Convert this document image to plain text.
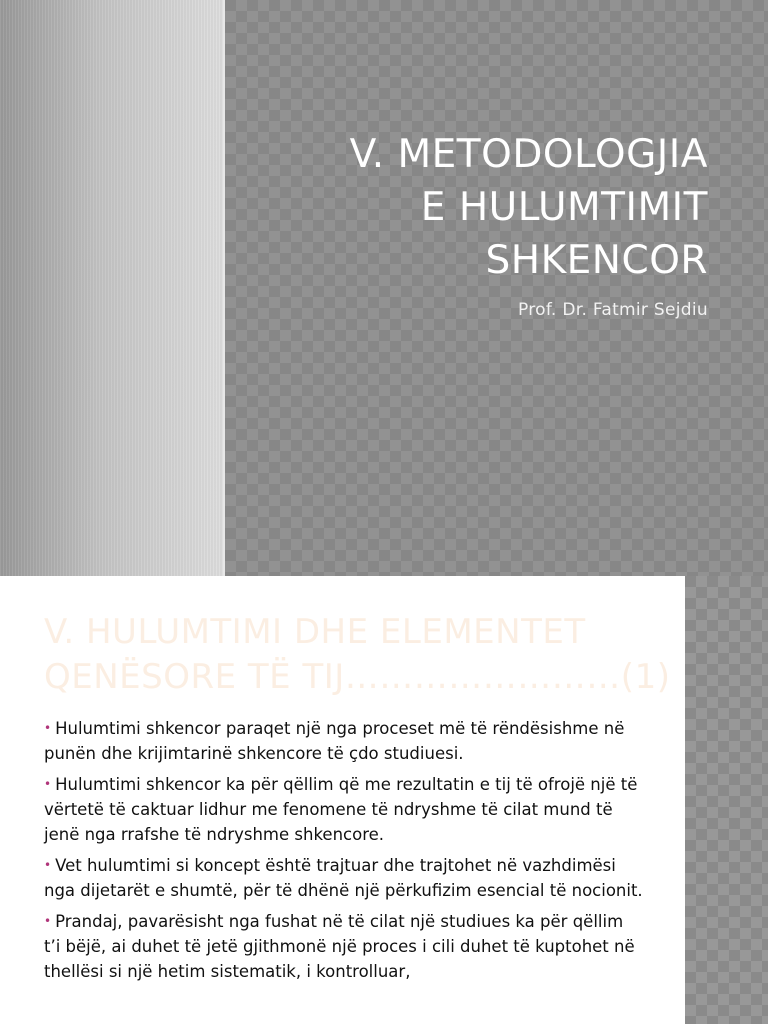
V. METODOLOGJIA
E HULUMTIMIT
SHKENCOR
Prof. Dr. Fatmir Sejdiu
V. HULUMTIMI DHE ELEMENTET
QENËSORE TË TIJ……………………(1)
• Hulumtimi shkencor paraqet një nga proceset më të rëndësishme në punën dhe krijimtarinë shkencore të çdo studiuesi.
• Hulumtimi shkencor ka për qëllim që me rezultatin e tij të ofrojë një të vërtetë të caktuar lidhur me fenomene të ndryshme të cilat mund të jenë nga rrafshe të ndryshme shkencore.
• Vet hulumtimi si koncept është trajtuar dhe trajtohet në vazhdimësi nga dijetarët e shumtë, për të dhënë një përkufizim esencial të nocionit.
• Prandaj, pavarësisht nga fushat në të cilat një studiues ka për qëllim t’i bëjë, ai duhet të jetë gjithmonë një proces i cili duhet të kuptohet në thellësi si një hetim sistematik, i kontrolluar,
